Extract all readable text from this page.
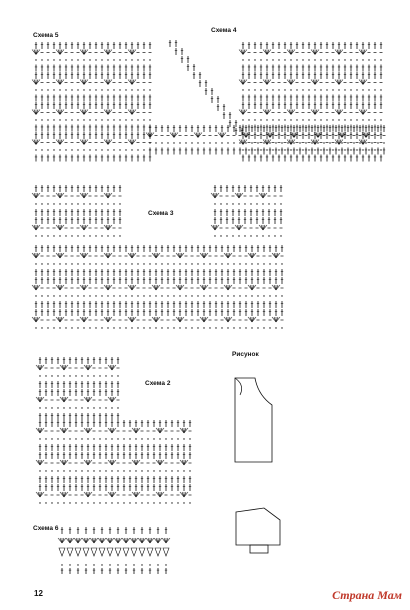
Схема 5
Схема 4
Схема 3
Схема 2
Схема 6
Рисунок
12	Страна Мам
